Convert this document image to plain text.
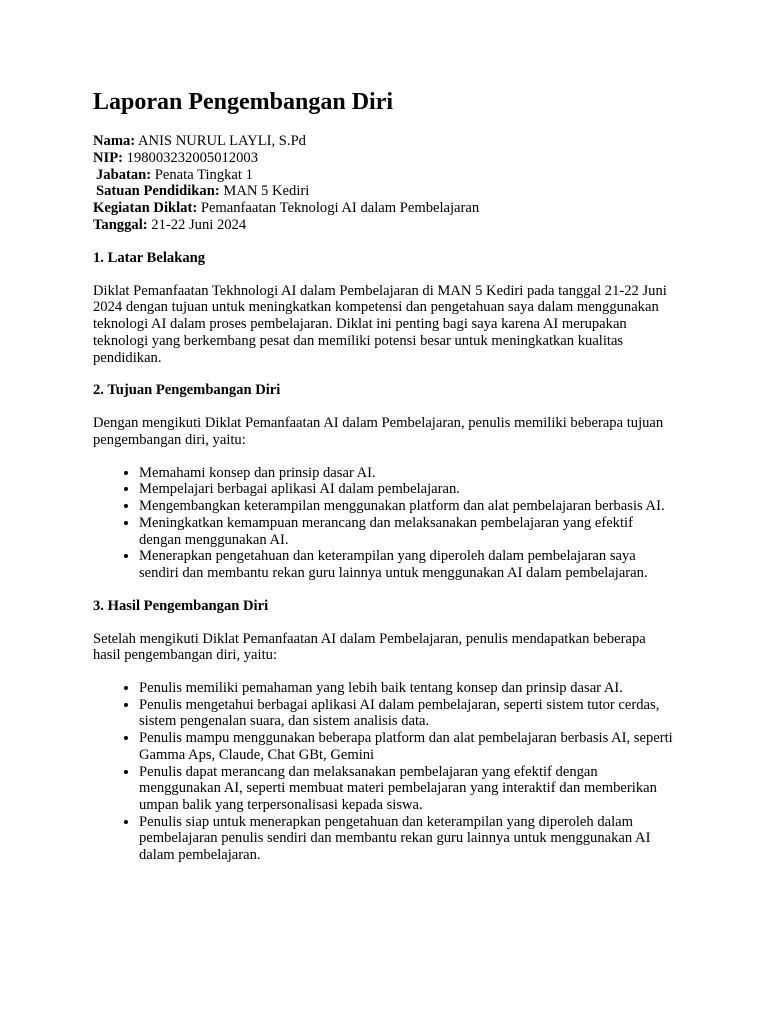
Laporan Pengembangan Diri
Nama: ANIS NURUL LAYLI, S.Pd
NIP: 198003232005012003
Jabatan: Penata Tingkat 1
Satuan Pendidikan: MAN 5 Kediri
Kegiatan Diklat: Pemanfaatan Teknologi AI dalam Pembelajaran
Tanggal: 21-22 Juni 2024
1. Latar Belakang

Diklat Pemanfaatan Tekhnologi AI dalam Pembelajaran di MAN 5 Kediri pada tanggal 21-22 Juni 2024 dengan tujuan untuk meningkatkan kompetensi dan pengetahuan saya dalam menggunakan teknologi AI dalam proses pembelajaran. Diklat ini penting bagi saya karena AI merupakan teknologi yang berkembang pesat dan memiliki potensi besar untuk meningkatkan kualitas pendidikan.

2. Tujuan Pengembangan Diri

Dengan mengikuti Diklat Pemanfaatan AI dalam Pembelajaran, penulis memiliki beberapa tujuan pengembangan diri, yaitu:

• Memahami konsep dan prinsip dasar AI.
• Mempelajari berbagai aplikasi AI dalam pembelajaran.
• Mengembangkan keterampilan menggunakan platform dan alat pembelajaran berbasis AI.
• Meningkatkan kemampuan merancang dan melaksanakan pembelajaran yang efektif dengan menggunakan AI.
• Menerapkan pengetahuan dan keterampilan yang diperoleh dalam pembelajaran saya sendiri dan membantu rekan guru lainnya untuk menggunakan AI dalam pembelajaran.
3. Hasil Pengembangan Diri

Setelah mengikuti Diklat Pemanfaatan AI dalam Pembelajaran, penulis mendapatkan beberapa hasil pengembangan diri, yaitu:

• Penulis memiliki pemahaman yang lebih baik tentang konsep dan prinsip dasar AI.
• Penulis mengetahui berbagai aplikasi AI dalam pembelajaran, seperti sistem tutor cerdas, sistem pengenalan suara, dan sistem analisis data.
• Penulis mampu menggunakan beberapa platform dan alat pembelajaran berbasis AI, seperti Gamma Aps, Claude, Chat GBt, Gemini
• Penulis dapat merancang dan melaksanakan pembelajaran yang efektif dengan menggunakan AI, seperti membuat materi pembelajaran yang interaktif dan memberikan umpan balik yang terpersonalisasi kepada siswa.
• Penulis siap untuk menerapkan pengetahuan dan keterampilan yang diperoleh dalam pembelajaran penulis sendiri dan membantu rekan guru lainnya untuk menggunakan AI dalam pembelajaran.
